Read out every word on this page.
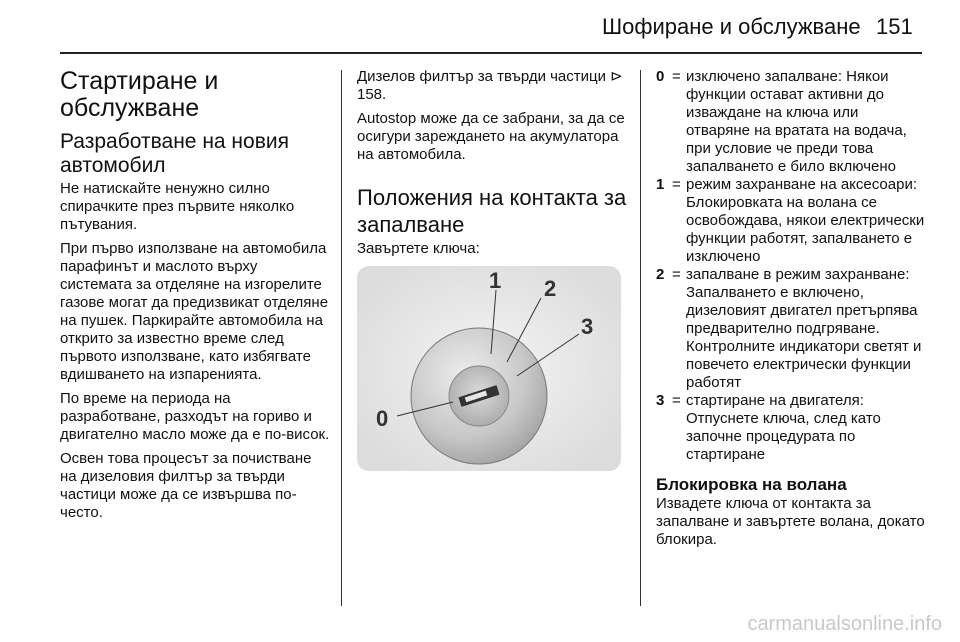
Шофиране и обслужване 151
Стартиране и обслужване
Разработване на новия автомобил

Не натискайте ненужно силно спирачките през първите няколко пътувания.

При първо използване на автомобила парафинът и маслото върху системата за отделяне на изгорелите газове могат да предизвикат отделяне на пушек. Паркирайте автомобила на открито за известно време след първото използване, като избягвате вдишването на изпаренията.

По време на периода на разработване, разходът на гориво и двигателно масло може да е по-висок.

Освен това процесът за почистване на дизеловия филтър за твърди частици може да се извършва по-често.

Дизелов филтър за твърди частици ⊳ 158.

Autostop може да се забрани, за да се осигури зареждането на акумулатора на автомобила.

Положения на контакта за запалване

Завъртете ключа:

0
1 2
3
0 = изключено запалване: Някои функции остават активни до изваждане на ключа или отваряне на вратата на водача, при условие че преди това запалването е било включено
1 = режим захранване на аксесоари: Блокировката на волана се освобождава, някои електрически функции работят, запалването е изключено
2 = запалване в режим захранване: Запалването е включено, дизеловият двигател претърпява предварително подгряване. Контролните индикатори светят и повечето електрически функции работят
3 = стартиране на двигателя: Отпуснете ключа, след като започне процедурата по стартиране
Блокировка на волана

Извадете ключа от контакта за запалване и завъртете волана, докато блокира.

carmanualsonline.info
